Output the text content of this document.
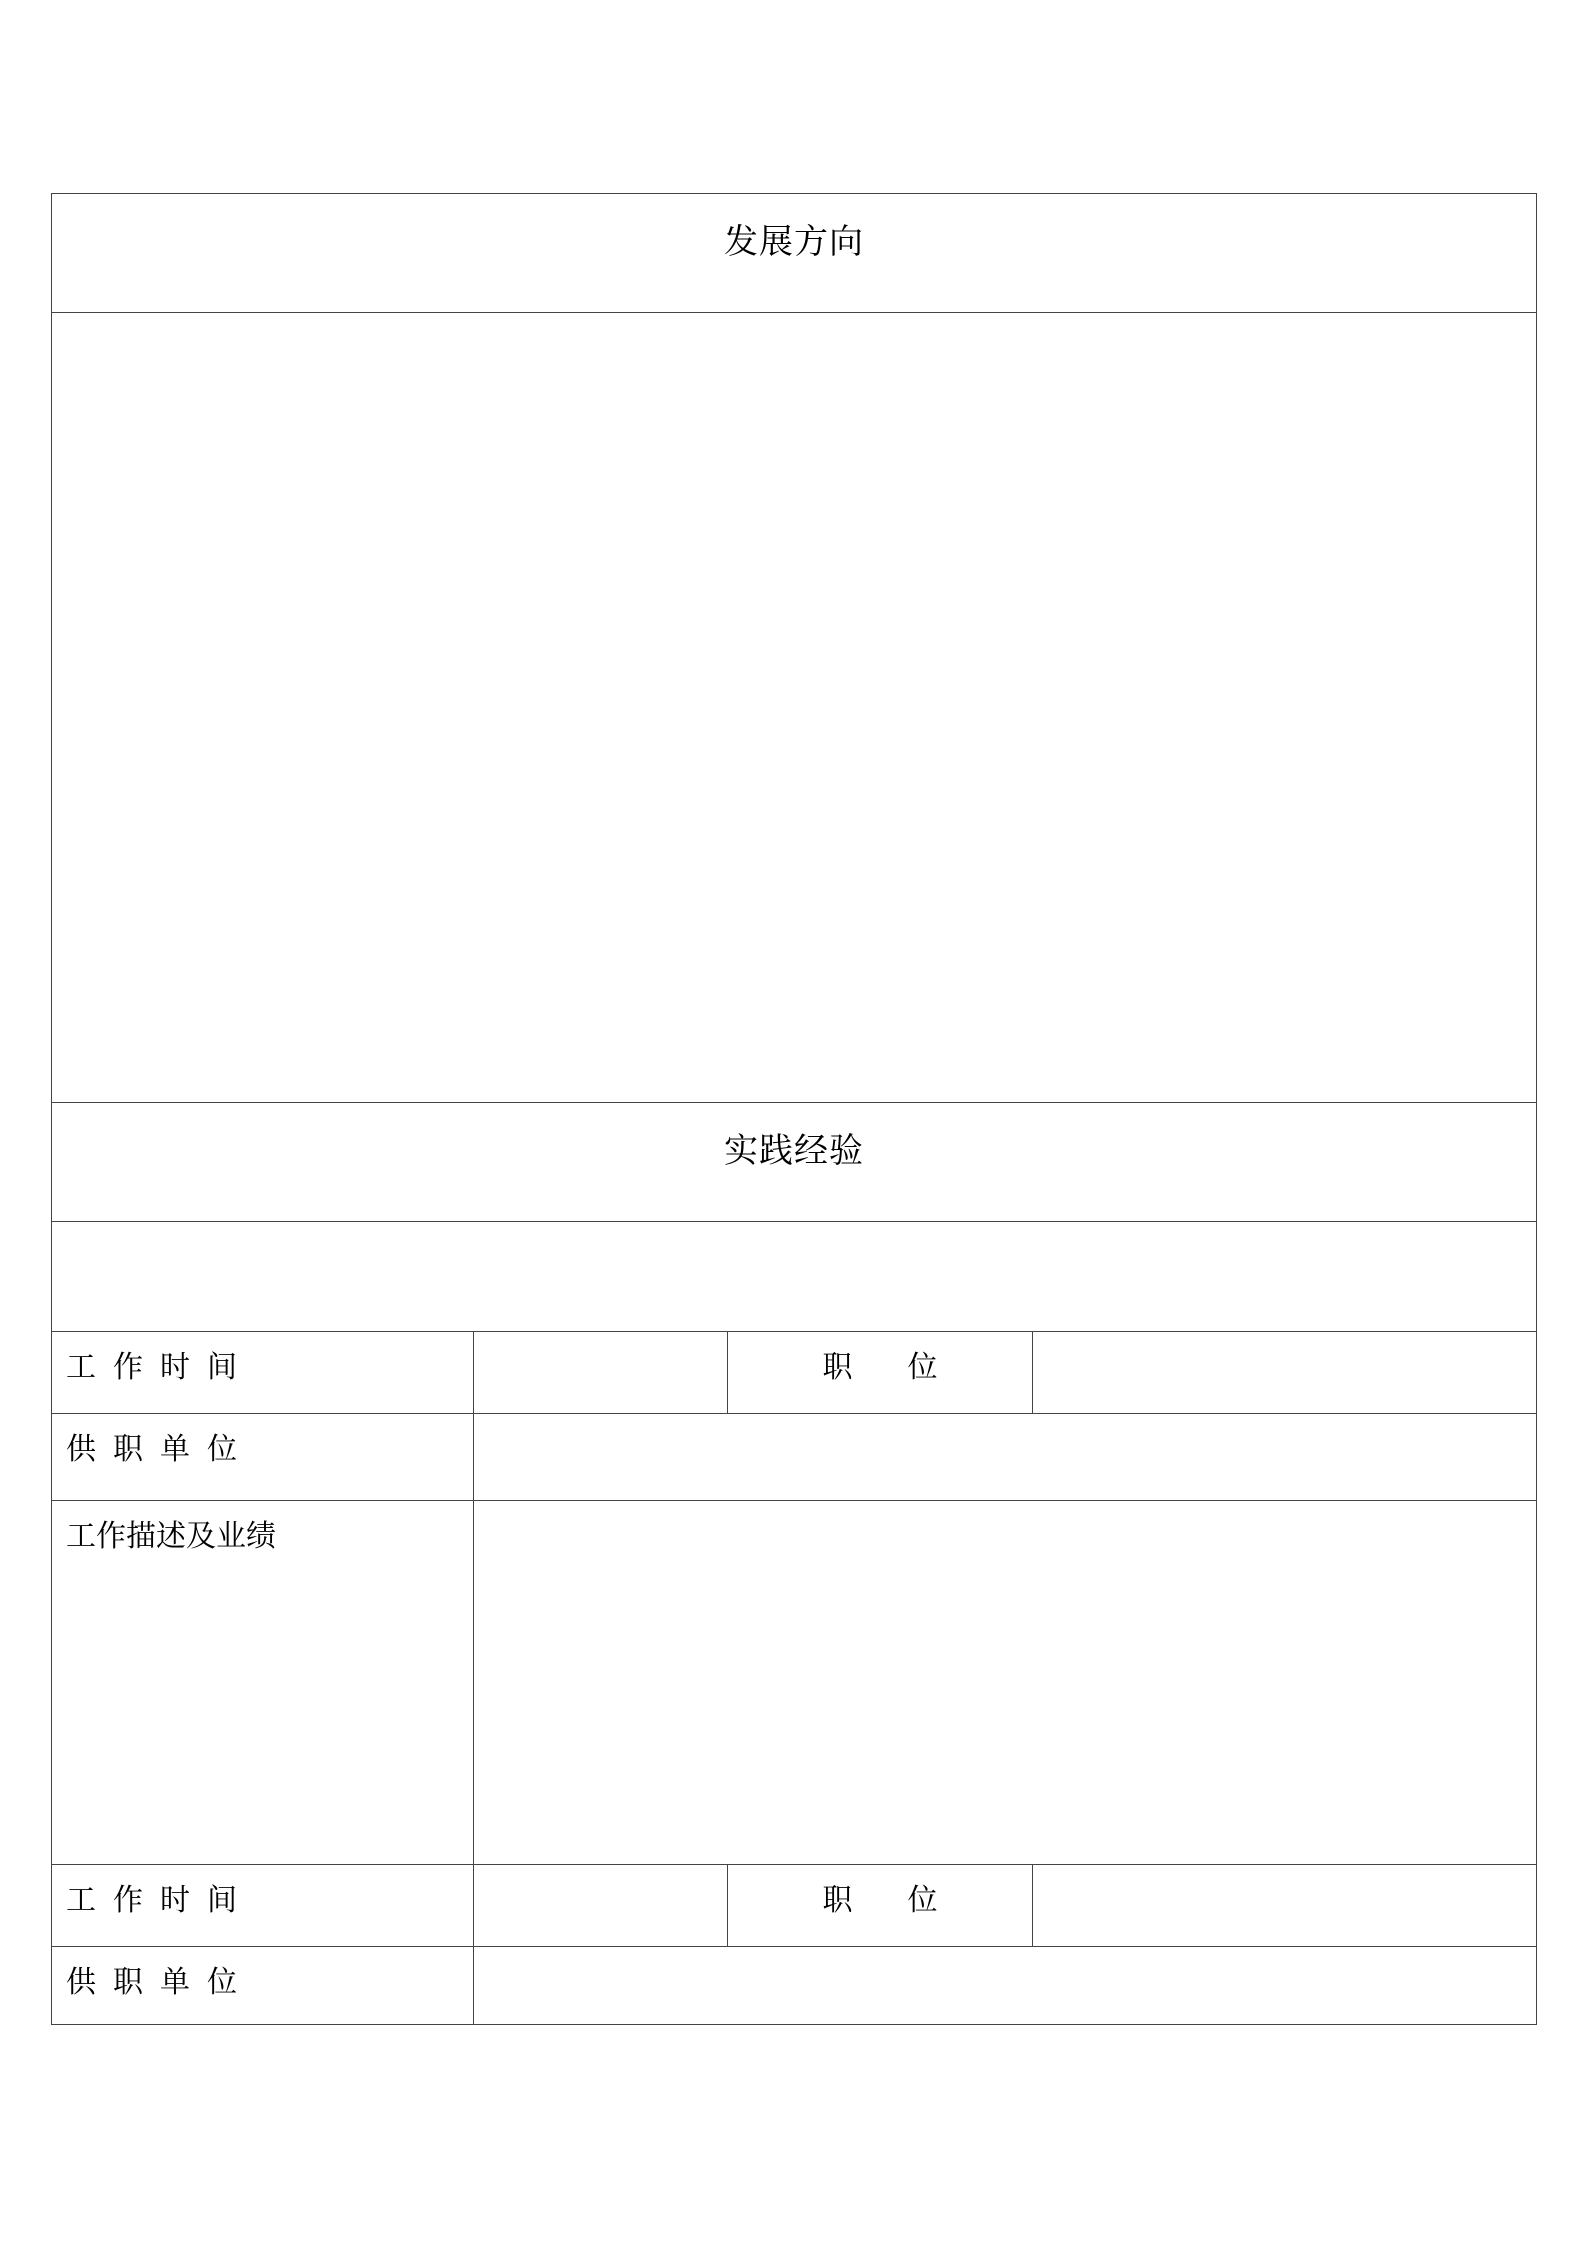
发展方向
实践经验
工作时间	职 位
供职单位
工作描述及业绩
工作时间	职 位
供职单位
